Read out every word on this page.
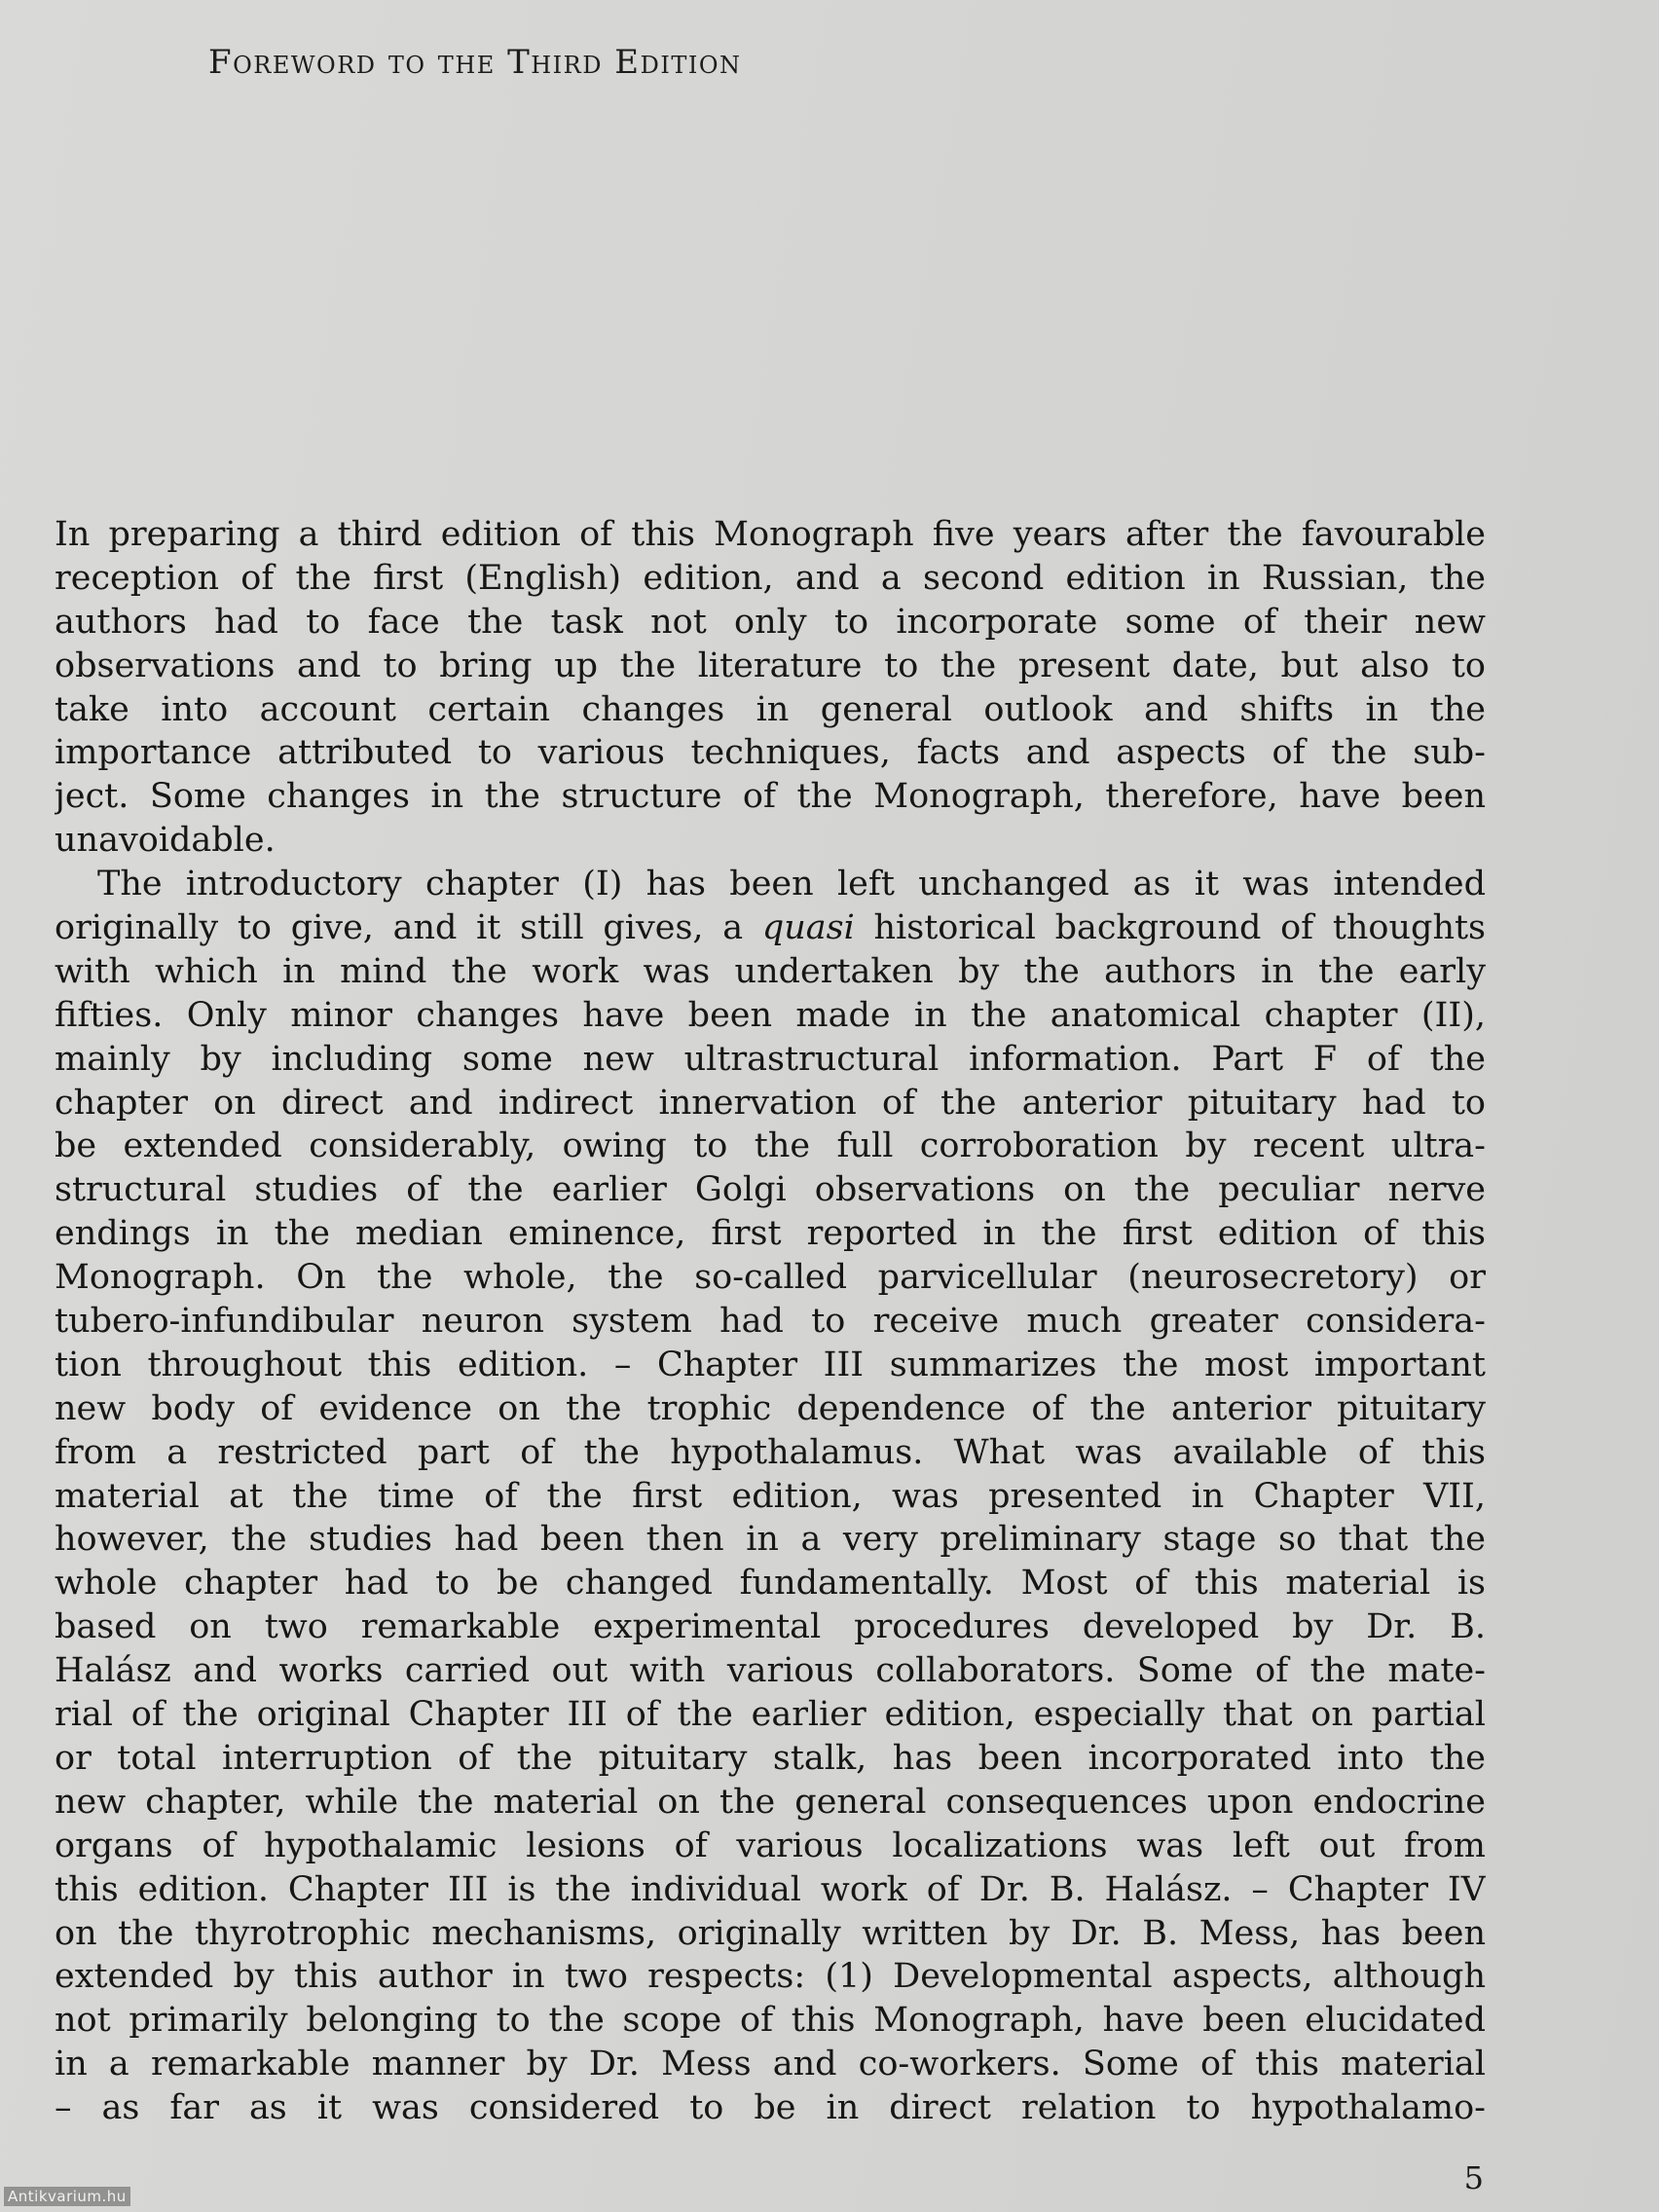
Foreword to the Third Edition
In preparing a third edition of this Monograph five years after the favourable
reception of the first (English) edition, and a second edition in Russian, the
authors had to face the task not only to incorporate some of their new
observations and to bring up the literature to the present date, but also to
take into account certain changes in general outlook and shifts in the
importance attributed to various techniques, facts and aspects of the sub-
ject. Some changes in the structure of the Monograph, therefore, have been
unavoidable.
The introductory chapter (I) has been left unchanged as it was intended
originally to give, and it still gives, a quasi historical background of thoughts
with which in mind the work was undertaken by the authors in the early
fifties. Only minor changes have been made in the anatomical chapter (II),
mainly by including some new ultrastructural information. Part F of the
chapter on direct and indirect innervation of the anterior pituitary had to
be extended considerably, owing to the full corroboration by recent ultra-
structural studies of the earlier Golgi observations on the peculiar nerve
endings in the median eminence, first reported in the first edition of this
Monograph. On the whole, the so-called parvicellular (neurosecretory) or
tubero-infundibular neuron system had to receive much greater considera-
tion throughout this edition. – Chapter III summarizes the most important
new body of evidence on the trophic dependence of the anterior pituitary
from a restricted part of the hypothalamus. What was available of this
material at the time of the first edition, was presented in Chapter VII,
however, the studies had been then in a very preliminary stage so that the
whole chapter had to be changed fundamentally. Most of this material is
based on two remarkable experimental procedures developed by Dr. B.
Halász and works carried out with various collaborators. Some of the mate-
rial of the original Chapter III of the earlier edition, especially that on partial
or total interruption of the pituitary stalk, has been incorporated into the
new chapter, while the material on the general consequences upon endocrine
organs of hypothalamic lesions of various localizations was left out from
this edition. Chapter III is the individual work of Dr. B. Halász. – Chapter IV
on the thyrotrophic mechanisms, originally written by Dr. B. Mess, has been
extended by this author in two respects: (1) Developmental aspects, although
not primarily belonging to the scope of this Monograph, have been elucidated
in a remarkable manner by Dr. Mess and co-workers. Some of this material
– as far as it was considered to be in direct relation to hypothalamo-
5
Antikvarium.hu
